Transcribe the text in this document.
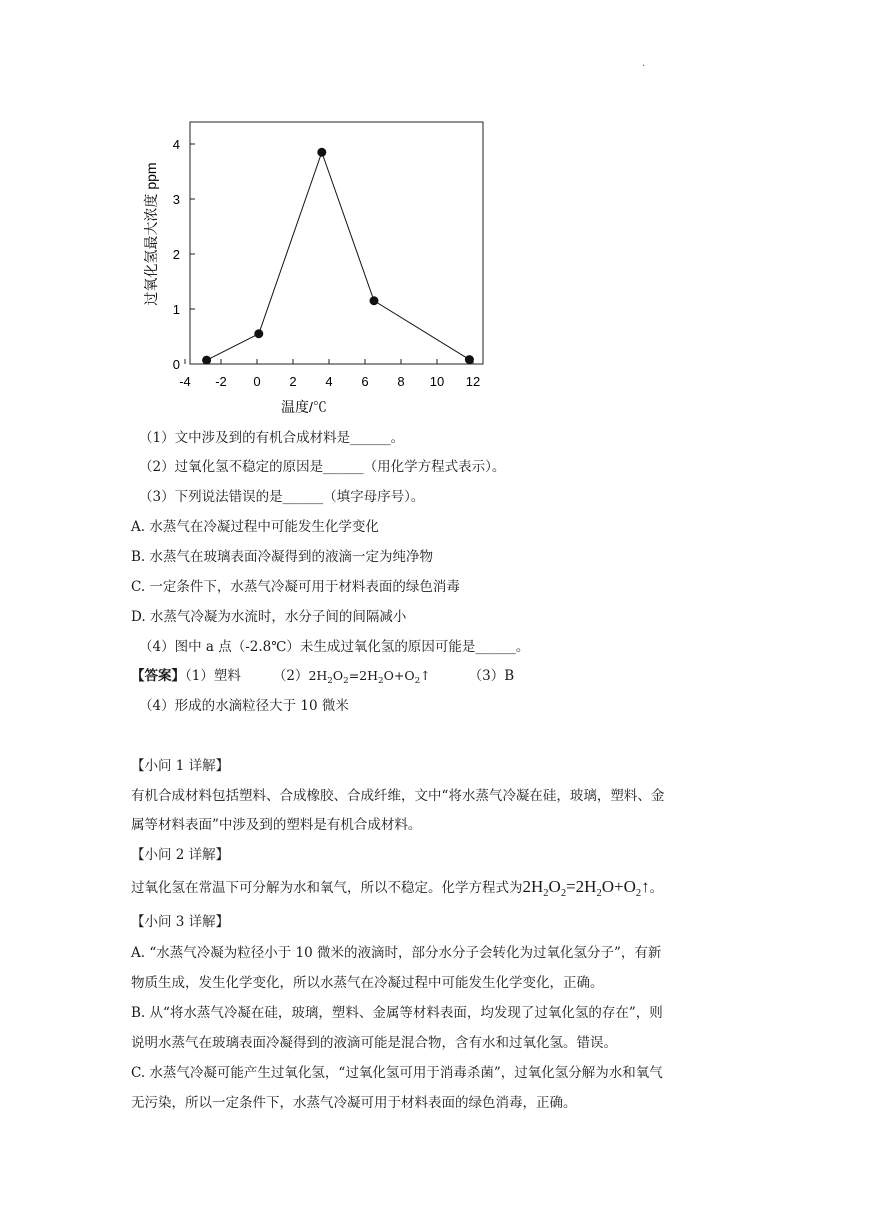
.
-4 -2 0 2 4 6 8 10 12
0
1
2
3
4
温度/℃
过氧化氢最大浓度 ppm
（1）文中涉及到的有机合成材料是______。
（2）过氧化氢不稳定的原因是______（用化学方程式表示）。
（3）下列说法错误的是______（填字母序号）。
A. 水蒸气在冷凝过程中可能发生化学变化
B. 水蒸气在玻璃表面冷凝得到的液滴一定为纯净物
C. 一定条件下，水蒸气冷凝可用于材料表面的绿色消毒
D. 水蒸气冷凝为水流时，水分子间的间隔减小
（4）图中 a 点（-2.8℃）未生成过氧化氢的原因可能是______。
【答案】（1）塑料 $(2)2H_2O_2=2H_2O+O_2↑$	（3）B
（4）形成的水滴粒径大于 10 微米
【小问 1 详解】
有机合成材料包括塑料、合成橡胶、合成纤维，文中“将水蒸气冷凝在硅，玻璃，塑料、金
属等材料表面”中涉及到的塑料是有机合成材料。
【小问 2 详解】
过氧化氢在常温下可分解为水和氧气，所以不稳定。化学方程式为$2H_2O_2=2H_2O+O_2↑$。
【小问 3 详解】
A. “水蒸气冷凝为粒径小于 10 微米的液滴时，部分水分子会转化为过氧化氢分子”，有新
物质生成，发生化学变化，所以水蒸气在冷凝过程中可能发生化学变化，正确。
B. 从“将水蒸气冷凝在硅，玻璃，塑料、金属等材料表面，均发现了过氧化氢的存在”，则
说明水蒸气在玻璃表面冷凝得到的液滴可能是混合物，含有水和过氧化氢。错误。
C. 水蒸气冷凝可能产生过氧化氢，“过氧化氢可用于消毒杀菌”，过氧化氢分解为水和氧气
无污染，所以一定条件下，水蒸气冷凝可用于材料表面的绿色消毒，正确。
